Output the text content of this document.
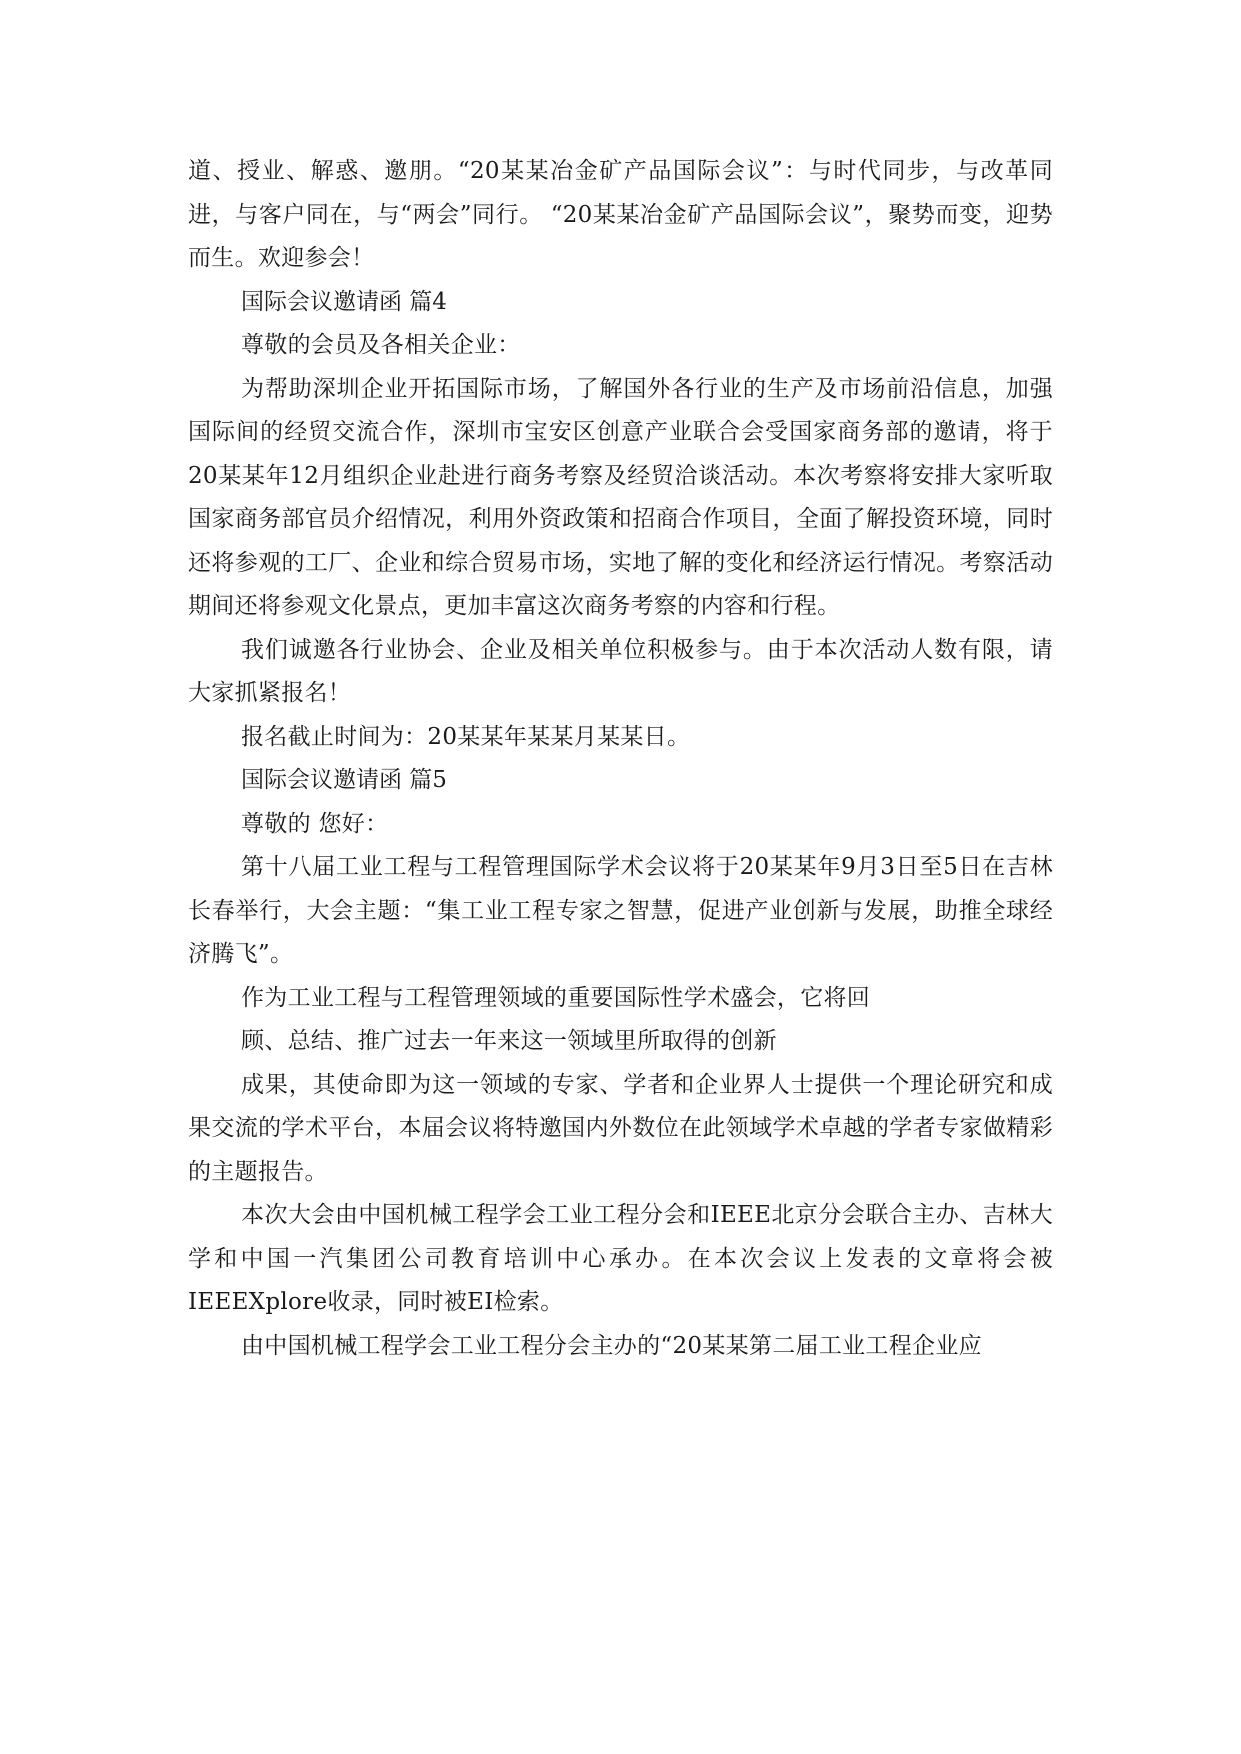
道、授业、解惑、邀朋。“20某某冶金矿产品国际会议”：与时代同步，与改革同进，与客户同在，与“两会”同行。 “20某某冶金矿产品国际会议”，聚势而变，迎势而生。欢迎参会！

国际会议邀请函 篇4

尊敬的会员及各相关企业：

为帮助深圳企业开拓国际市场，了解国外各行业的生产及市场前沿信息，加强国际间的经贸交流合作，深圳市宝安区创意产业联合会受国家商务部的邀请，将于20某某年12月组织企业赴进行商务考察及经贸洽谈活动。本次考察将安排大家听取国家商务部官员介绍情况，利用外资政策和招商合作项目，全面了解投资环境，同时还将参观的工厂、企业和综合贸易市场，实地了解的变化和经济运行情况。考察活动期间还将参观文化景点，更加丰富这次商务考察的内容和行程。

我们诚邀各行业协会、企业及相关单位积极参与。由于本次活动人数有限，请大家抓紧报名！

报名截止时间为：20某某年某某月某某日。

国际会议邀请函 篇5

尊敬的 您好：

第十八届工业工程与工程管理国际学术会议将于20某某年9月3日至5日在吉林长春举行，大会主题：“集工业工程专家之智慧，促进产业创新与发展，助推全球经济腾飞”。

作为工业工程与工程管理领域的重要国际性学术盛会，它将回

顾、总结、推广过去一年来这一领域里所取得的创新

成果，其使命即为这一领域的专家、学者和企业界人士提供一个理论研究和成果交流的学术平台，本届会议将特邀国内外数位在此领域学术卓越的学者专家做精彩的主题报告。

本次大会由中国机械工程学会工业工程分会和IEEE北京分会联合主办、吉林大学和中国一汽集团公司教育培训中心承办。在本次会议上发表的文章将会被IEEEXplore收录，同时被EI检索。

由中国机械工程学会工业工程分会主办的“20某某第二届工业工程企业应
